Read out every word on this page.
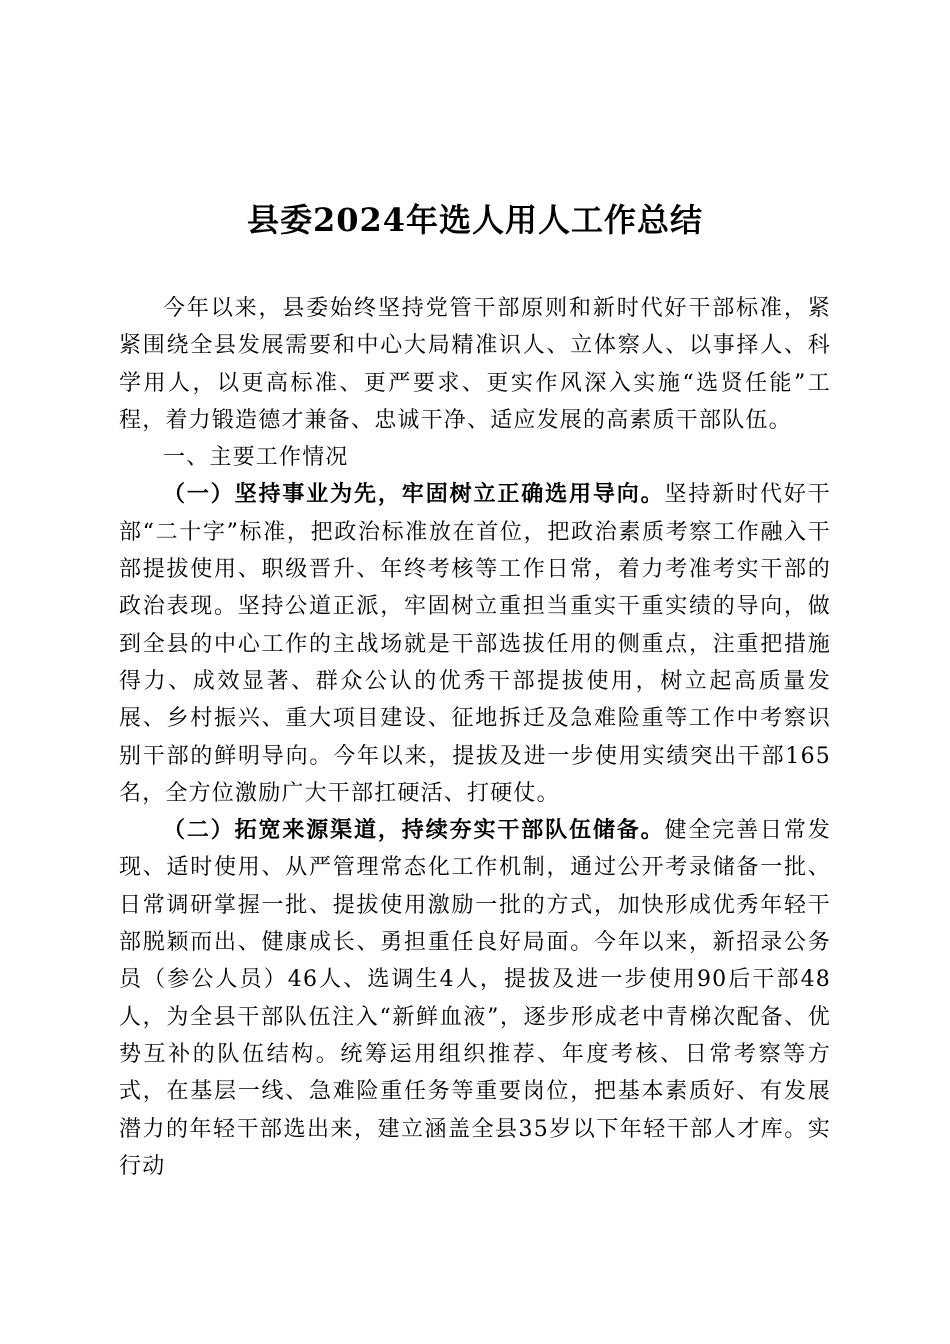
县委2024年选人用人工作总结

今年以来，县委始终坚持党管干部原则和新时代好干部标准，紧紧围绕全县发展需要和中心大局精准识人、立体察人、以事择人、科学用人，以更高标准、更严要求、更实作风深入实施“选贤任能”工程，着力锻造德才兼备、忠诚干净、适应发展的高素质干部队伍。

一、主要工作情况

（一）坚持事业为先，牢固树立正确选用导向。坚持新时代好干部“二十字”标准，把政治标准放在首位，把政治素质考察工作融入干部提拔使用、职级晋升、年终考核等工作日常，着力考准考实干部的政治表现。坚持公道正派，牢固树立重担当重实干重实绩的导向，做到全县的中心工作的主战场就是干部选拔任用的侧重点，注重把措施得力、成效显著、群众公认的优秀干部提拔使用，树立起高质量发展、乡村振兴、重大项目建设、征地拆迁及急难险重等工作中考察识别干部的鲜明导向。今年以来，提拔及进一步使用实绩突出干部165名，全方位激励广大干部扛硬活、打硬仗。

（二）拓宽来源渠道，持续夯实干部队伍储备。健全完善日常发现、适时使用、从严管理常态化工作机制，通过公开考录储备一批、日常调研掌握一批、提拔使用激励一批的方式，加快形成优秀年轻干部脱颖而出、健康成长、勇担重任良好局面。今年以来，新招录公务员（参公人员）46人、选调生4人，提拔及进一步使用90后干部48人，为全县干部队伍注入“新鲜血液”，逐步形成老中青梯次配备、优势互补的队伍结构。统筹运用组织推荐、年度考核、日常考察等方式，在基层一线、急难险重任务等重要岗位，把基本素质好、有发展潜力的年轻干部选出来，建立涵盖全县35岁以下年轻干部人才库。实行动
